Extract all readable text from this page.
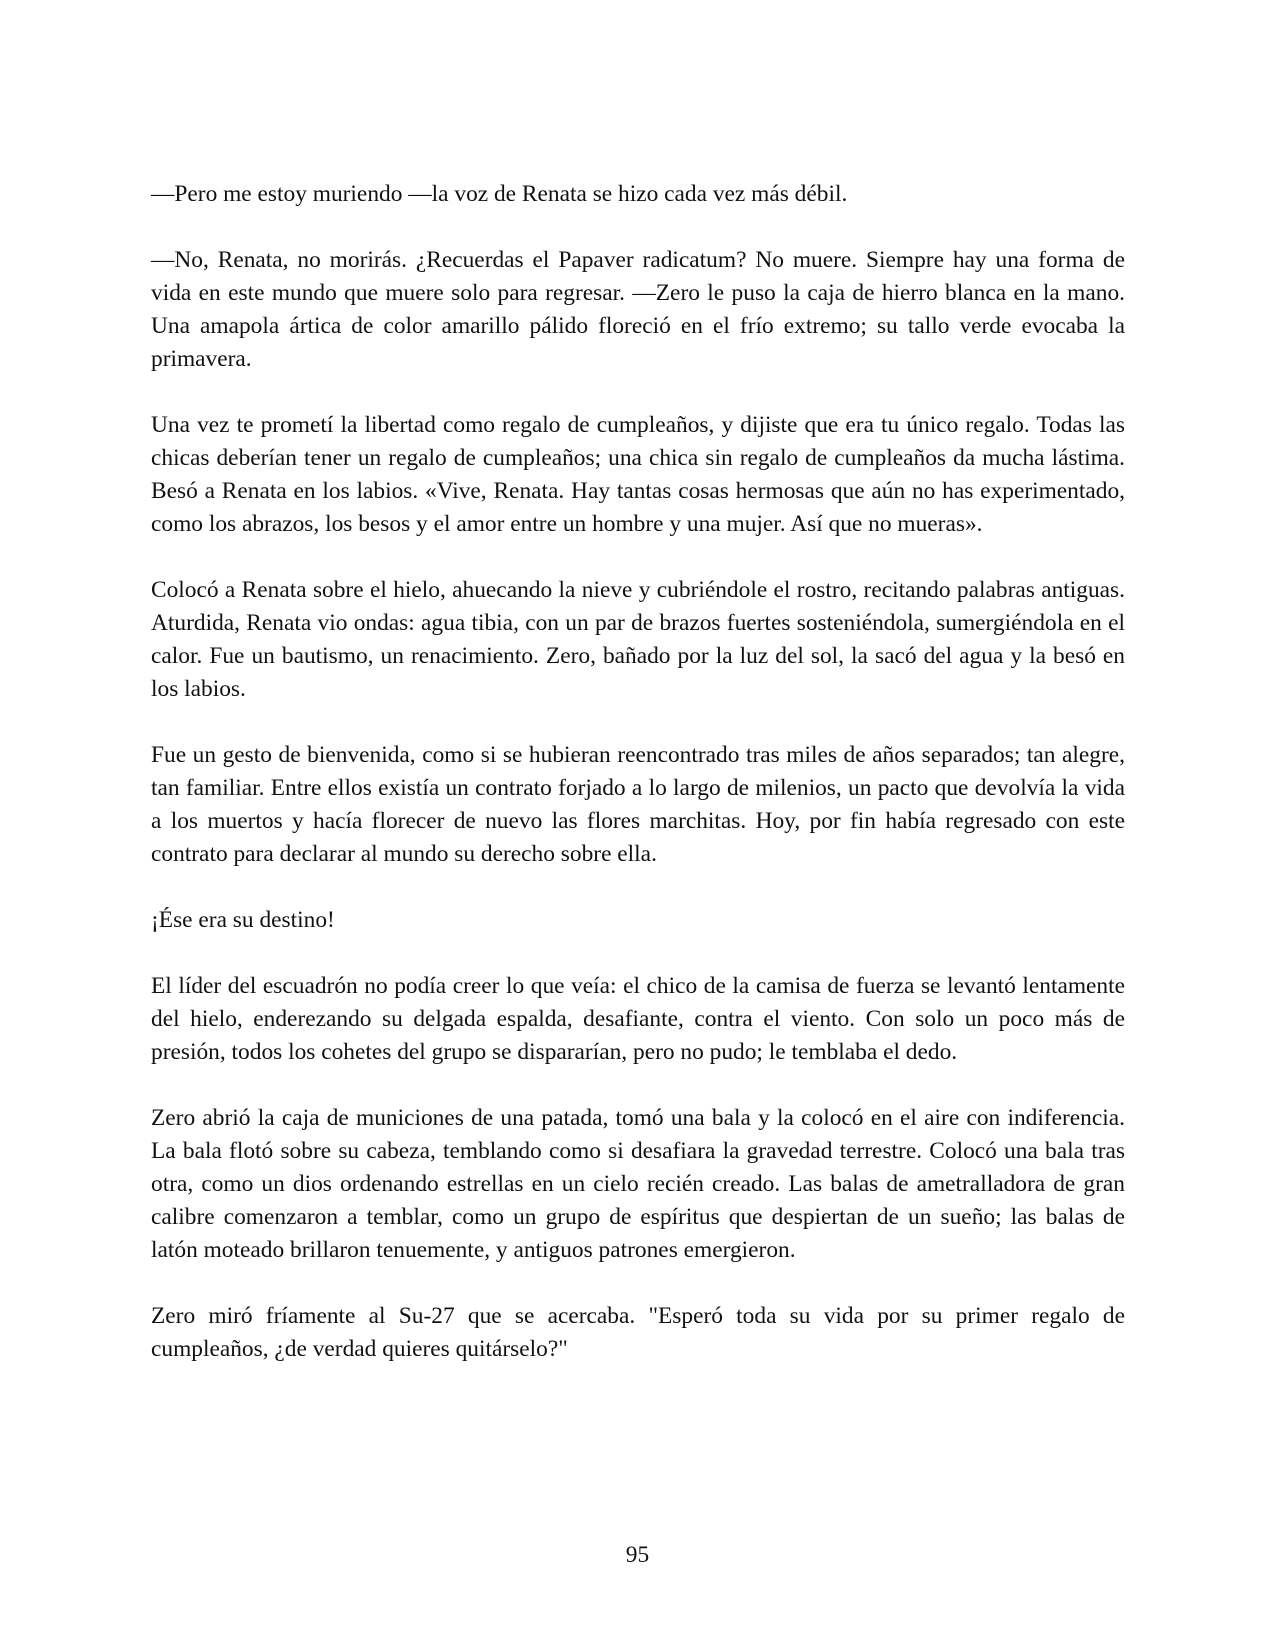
—Pero me estoy muriendo —la voz de Renata se hizo cada vez más débil.

—No, Renata, no morirás. ¿Recuerdas el Papaver radicatum? No muere. Siempre hay una forma de vida en este mundo que muere solo para regresar. —Zero le puso la caja de hierro blanca en la mano. Una amapola ártica de color amarillo pálido floreció en el frío extremo; su tallo verde evocaba la primavera.

Una vez te prometí la libertad como regalo de cumpleaños, y dijiste que era tu único regalo. Todas las chicas deberían tener un regalo de cumpleaños; una chica sin regalo de cumpleaños da mucha lástima. Besó a Renata en los labios. «Vive, Renata. Hay tantas cosas hermosas que aún no has experimentado, como los abrazos, los besos y el amor entre un hombre y una mujer. Así que no mueras».

Colocó a Renata sobre el hielo, ahuecando la nieve y cubriéndole el rostro, recitando palabras antiguas. Aturdida, Renata vio ondas: agua tibia, con un par de brazos fuertes sosteniéndola, sumergiéndola en el calor. Fue un bautismo, un renacimiento. Zero, bañado por la luz del sol, la sacó del agua y la besó en los labios.

Fue un gesto de bienvenida, como si se hubieran reencontrado tras miles de años separados; tan alegre, tan familiar. Entre ellos existía un contrato forjado a lo largo de milenios, un pacto que devolvía la vida a los muertos y hacía florecer de nuevo las flores marchitas. Hoy, por fin había regresado con este contrato para declarar al mundo su derecho sobre ella.

¡Ése era su destino!

El líder del escuadrón no podía creer lo que veía: el chico de la camisa de fuerza se levantó lentamente del hielo, enderezando su delgada espalda, desafiante, contra el viento. Con solo un poco más de presión, todos los cohetes del grupo se dispararían, pero no pudo; le temblaba el dedo.

Zero abrió la caja de municiones de una patada, tomó una bala y la colocó en el aire con indiferencia. La bala flotó sobre su cabeza, temblando como si desafiara la gravedad terrestre. Colocó una bala tras otra, como un dios ordenando estrellas en un cielo recién creado. Las balas de ametralladora de gran calibre comenzaron a temblar, como un grupo de espíritus que despiertan de un sueño; las balas de latón moteado brillaron tenuemente, y antiguos patrones emergieron.

Zero miró fríamente al Su-27 que se acercaba. "Esperó toda su vida por su primer regalo de cumpleaños, ¿de verdad quieres quitárselo?"

95
